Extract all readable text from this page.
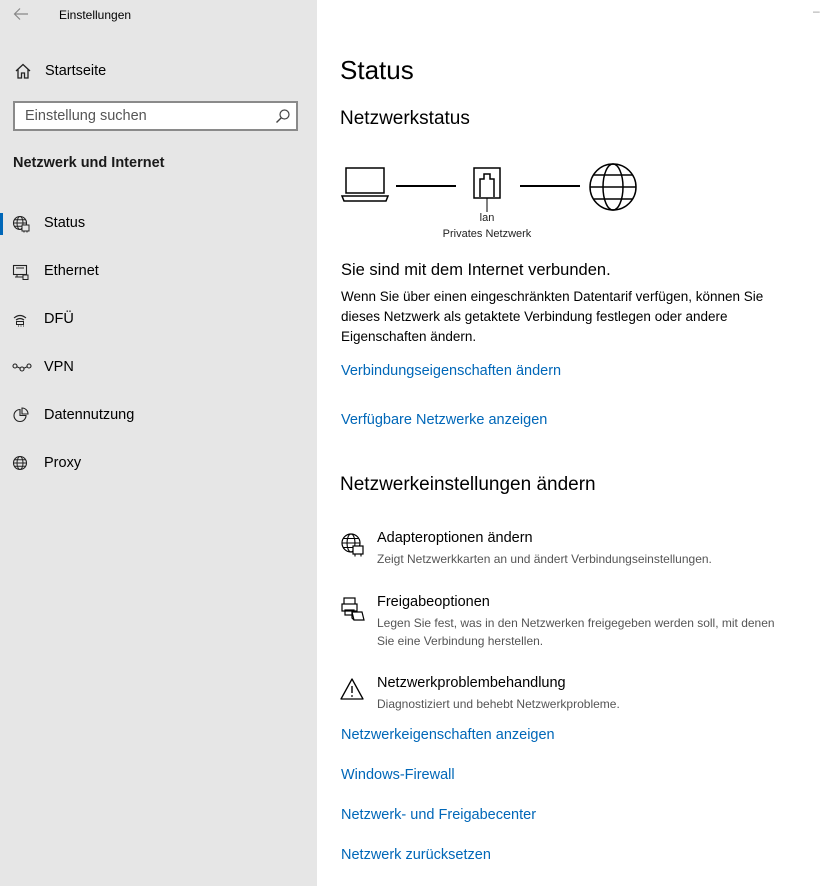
Einstellungen	–
Startseite
Einstellung suchen
Netzwerk und Internet
Status
Ethernet
DFÜ
VPN
Datennutzung
Proxy
Status
Netzwerkstatus
lan
Privates Netzwerk
Sie sind mit dem Internet verbunden.
Wenn Sie über einen eingeschränkten Datentarif verfügen, können Sie dieses Netzwerk als getaktete Verbindung festlegen oder andere Eigenschaften ändern.
Verbindungseigenschaften ändern
Verfügbare Netzwerke anzeigen
Netzwerkeinstellungen ändern
Adapteroptionen ändern
Zeigt Netzwerkkarten an und ändert Verbindungseinstellungen.
Freigabeoptionen
Legen Sie fest, was in den Netzwerken freigegeben werden soll, mit denen Sie eine Verbindung herstellen.
Netzwerkproblembehandlung
Diagnostiziert und behebt Netzwerkprobleme.
Netzwerkeigenschaften anzeigen
Windows-Firewall
Netzwerk- und Freigabecenter
Netzwerk zurücksetzen
